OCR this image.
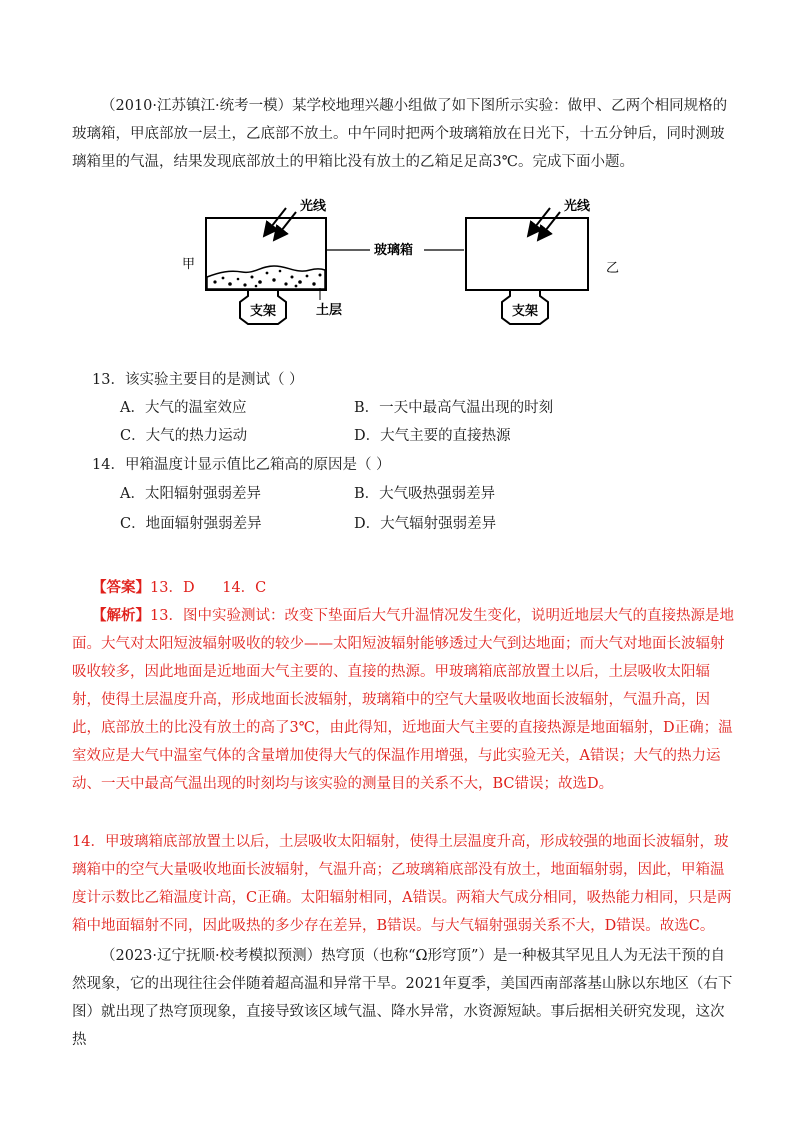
（2010·江苏镇江·统考一模）某学校地理兴趣小组做了如下图所示实验：做甲、乙两个相同规格的玻璃箱，甲底部放一层土，乙底部不放土。中午同时把两个玻璃箱放在日光下，十五分钟后，同时测玻璃箱里的气温，结果发现底部放土的甲箱比没有放土的乙箱足足高3℃。完成下面小题。
支架
光线
甲
土层
玻璃箱
支架
光线
乙
13．该实验主要目的是测试（ ）
A．大气的温室效应	B．一天中最高气温出现的时刻
C．大气的热力运动	D．大气主要的直接热源
14．甲箱温度计显示值比乙箱高的原因是（ ）
A．太阳辐射强弱差异	B．大气吸热强弱差异
C．地面辐射强弱差异	D．大气辐射强弱差异
【答案】13．D      14．C
【解析】13．图中实验测试：改变下垫面后大气升温情况发生变化，说明近地层大气的直接热源是地面。大气对太阳短波辐射吸收的较少——太阳短波辐射能够透过大气到达地面；而大气对地面长波辐射吸收较多，因此地面是近地面大气主要的、直接的热源。甲玻璃箱底部放置土以后，土层吸收太阳辐射，使得土层温度升高，形成地面长波辐射，玻璃箱中的空气大量吸收地面长波辐射，气温升高，因此，底部放土的比没有放土的高了3℃，由此得知，近地面大气主要的直接热源是地面辐射，D正确；温室效应是大气中温室气体的含量增加使得大气的保温作用增强，与此实验无关，A错误；大气的热力运动、一天中最高气温出现的时刻均与该实验的测量目的关系不大，BC错误；故选D。
14．甲玻璃箱底部放置土以后，土层吸收太阳辐射，使得土层温度升高，形成较强的地面长波辐射，玻璃箱中的空气大量吸收地面长波辐射，气温升高；乙玻璃箱底部没有放土，地面辐射弱，因此，甲箱温度计示数比乙箱温度计高，C正确。太阳辐射相同，A错误。两箱大气成分相同，吸热能力相同，只是两箱中地面辐射不同，因此吸热的多少存在差异，B错误。与大气辐射强弱关系不大，D错误。故选C。
（2023·辽宁抚顺·校考模拟预测）热穹顶（也称“Ω形穹顶”）是一种极其罕见且人为无法干预的自然现象，它的出现往往会伴随着超高温和异常干旱。2021年夏季，美国西南部落基山脉以东地区（右下图）就出现了热穹顶现象，直接导致该区域气温、降水异常，水资源短缺。事后据相关研究发现，这次热
